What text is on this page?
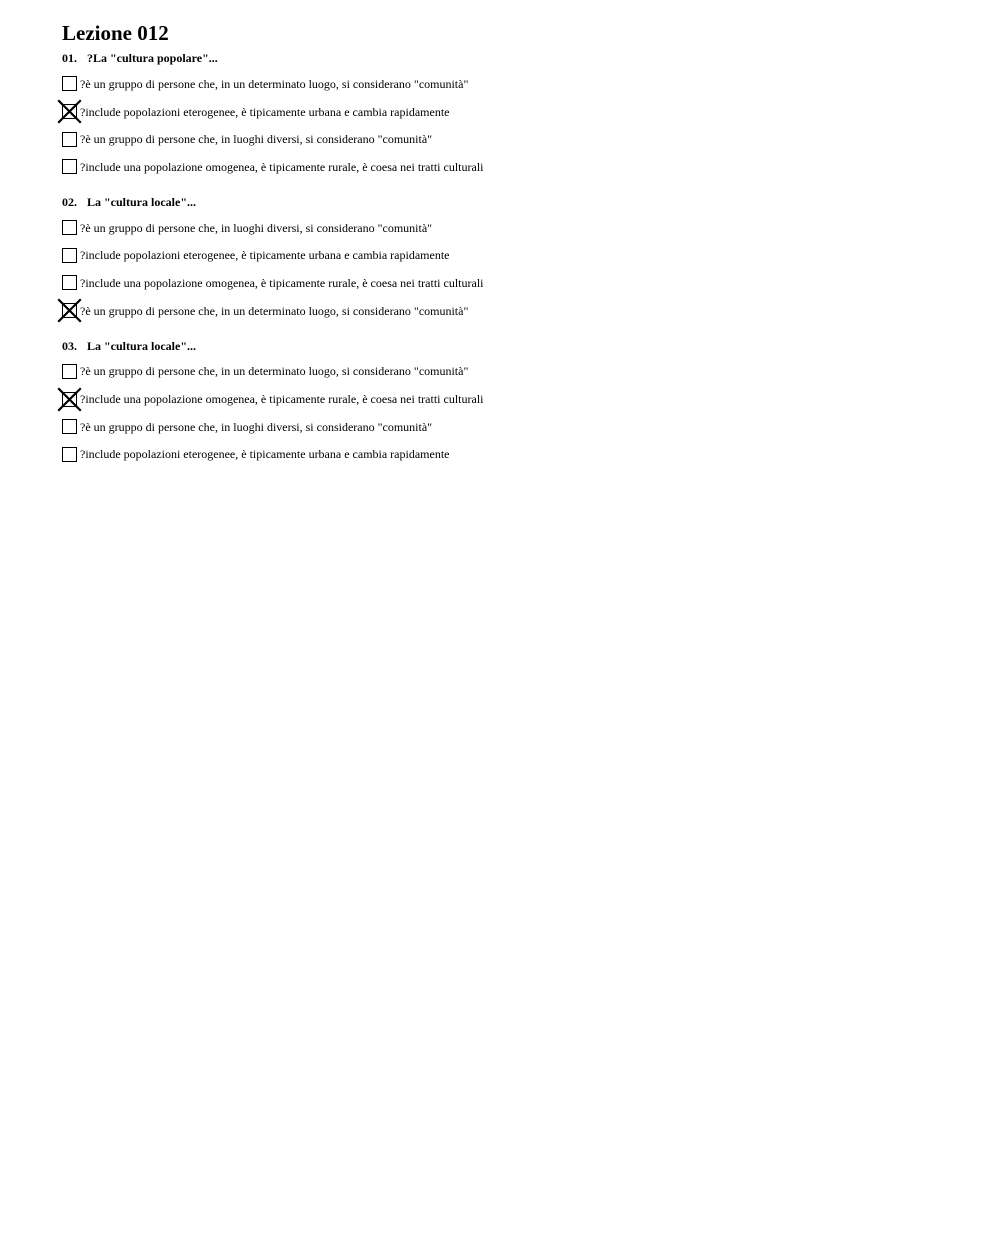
Lezione 012
01. ?La "cultura popolare"...
?è un gruppo di persone che, in un determinato luogo, si considerano "comunità"
?include popolazioni eterogenee, è tipicamente urbana e cambia rapidamente
?è un gruppo di persone che, in luoghi diversi, si considerano "comunità"
?include una popolazione omogenea, è tipicamente rurale, è coesa nei tratti culturali
02. La "cultura locale"...
?è un gruppo di persone che, in luoghi diversi, si considerano "comunità"
?include popolazioni eterogenee, è tipicamente urbana e cambia rapidamente
?include una popolazione omogenea, è tipicamente rurale, è coesa nei tratti culturali
?è un gruppo di persone che, in un determinato luogo, si considerano "comunità"
03. La "cultura locale"...
?è un gruppo di persone che, in un determinato luogo, si considerano "comunità"
?include una popolazione omogenea, è tipicamente rurale, è coesa nei tratti culturali
?è un gruppo di persone che, in luoghi diversi, si considerano "comunità"
?include popolazioni eterogenee, è tipicamente urbana e cambia rapidamente
